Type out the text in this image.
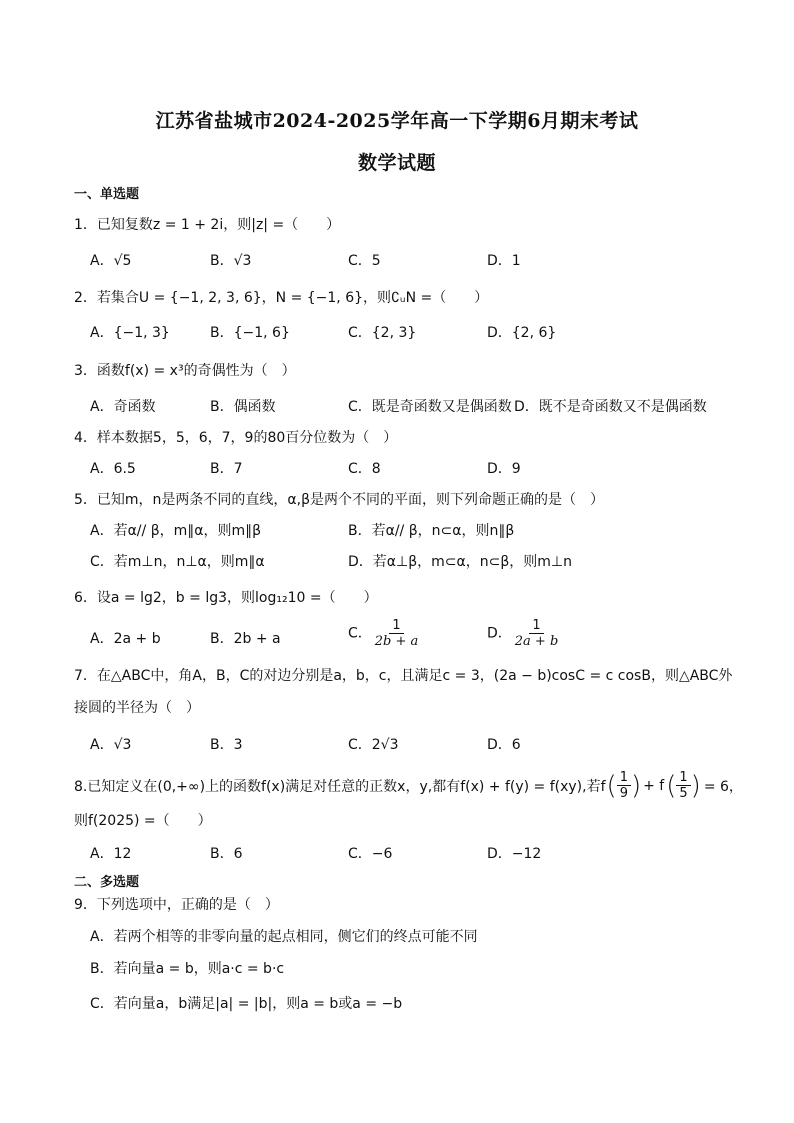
江苏省盐城市2024-2025学年高一下学期6月期末考试
数学试题
一、单选题
1．已知复数z = 1 + 2i，则|z| =（　　）
A．√5	B．√3	C．5	D．1
2．若集合U = {−1, 2, 3, 6}，N = {−1, 6}，则∁ᵤN =（　　）
A．{−1, 3}	B．{−1, 6}	C．{2, 3}	D．{2, 6}
3．函数f(x) = x³的奇偶性为（　）
A．奇函数	B．偶函数	C．既是奇函数又是偶函数 D．既不是奇函数又不是偶函数
4．样本数据5，5，6，7，9的80百分位数为（　）
A．6.5	B．7	C．8	D．9
5．已知m，n是两条不同的直线，α,β是两个不同的平面，则下列命题正确的是（　）
A．若α// β，m∥α，则m∥β	B．若α// β，n⊂α，则n∥β
C．若m⊥n，n⊥α，则m∥α	D．若α⊥β，m⊂α，n⊂β，则m⊥n
6．设a = lg2，b = lg3，则log₁₂10 =（　　）
A．2a + b	B．2b + a	C． $\frac{1}{2b + a}$	D． $\frac{1}{2a + b}$
7．在△ABC中，角A，B，C的对边分别是a，b，c，且满足c = 3，(2a − b)cosC = c cosB，则△ABC外
接圆的半径为（　）
A．√3	B．3	C．2√3	D．6
8.已知定义在(0,+∞)上的函数f(x)满足对任意的正数x，y,都有f(x) + f(y) = f(xy),若f ( $\frac{1}{9}$ ) + f ( $\frac{1}{5}$ ) = 6，
则f(2025) =（　　）
A．12	B．6	C．−6	D．−12
二、多选题
9．下列选项中，正确的是（　）
A．若两个相等的非零向量的起点相同，侧它们的终点可能不同
B．若向量a = b，则a·c = b·c
C．若向量a，b满足|a| = |b|，则a = b或a = −b
